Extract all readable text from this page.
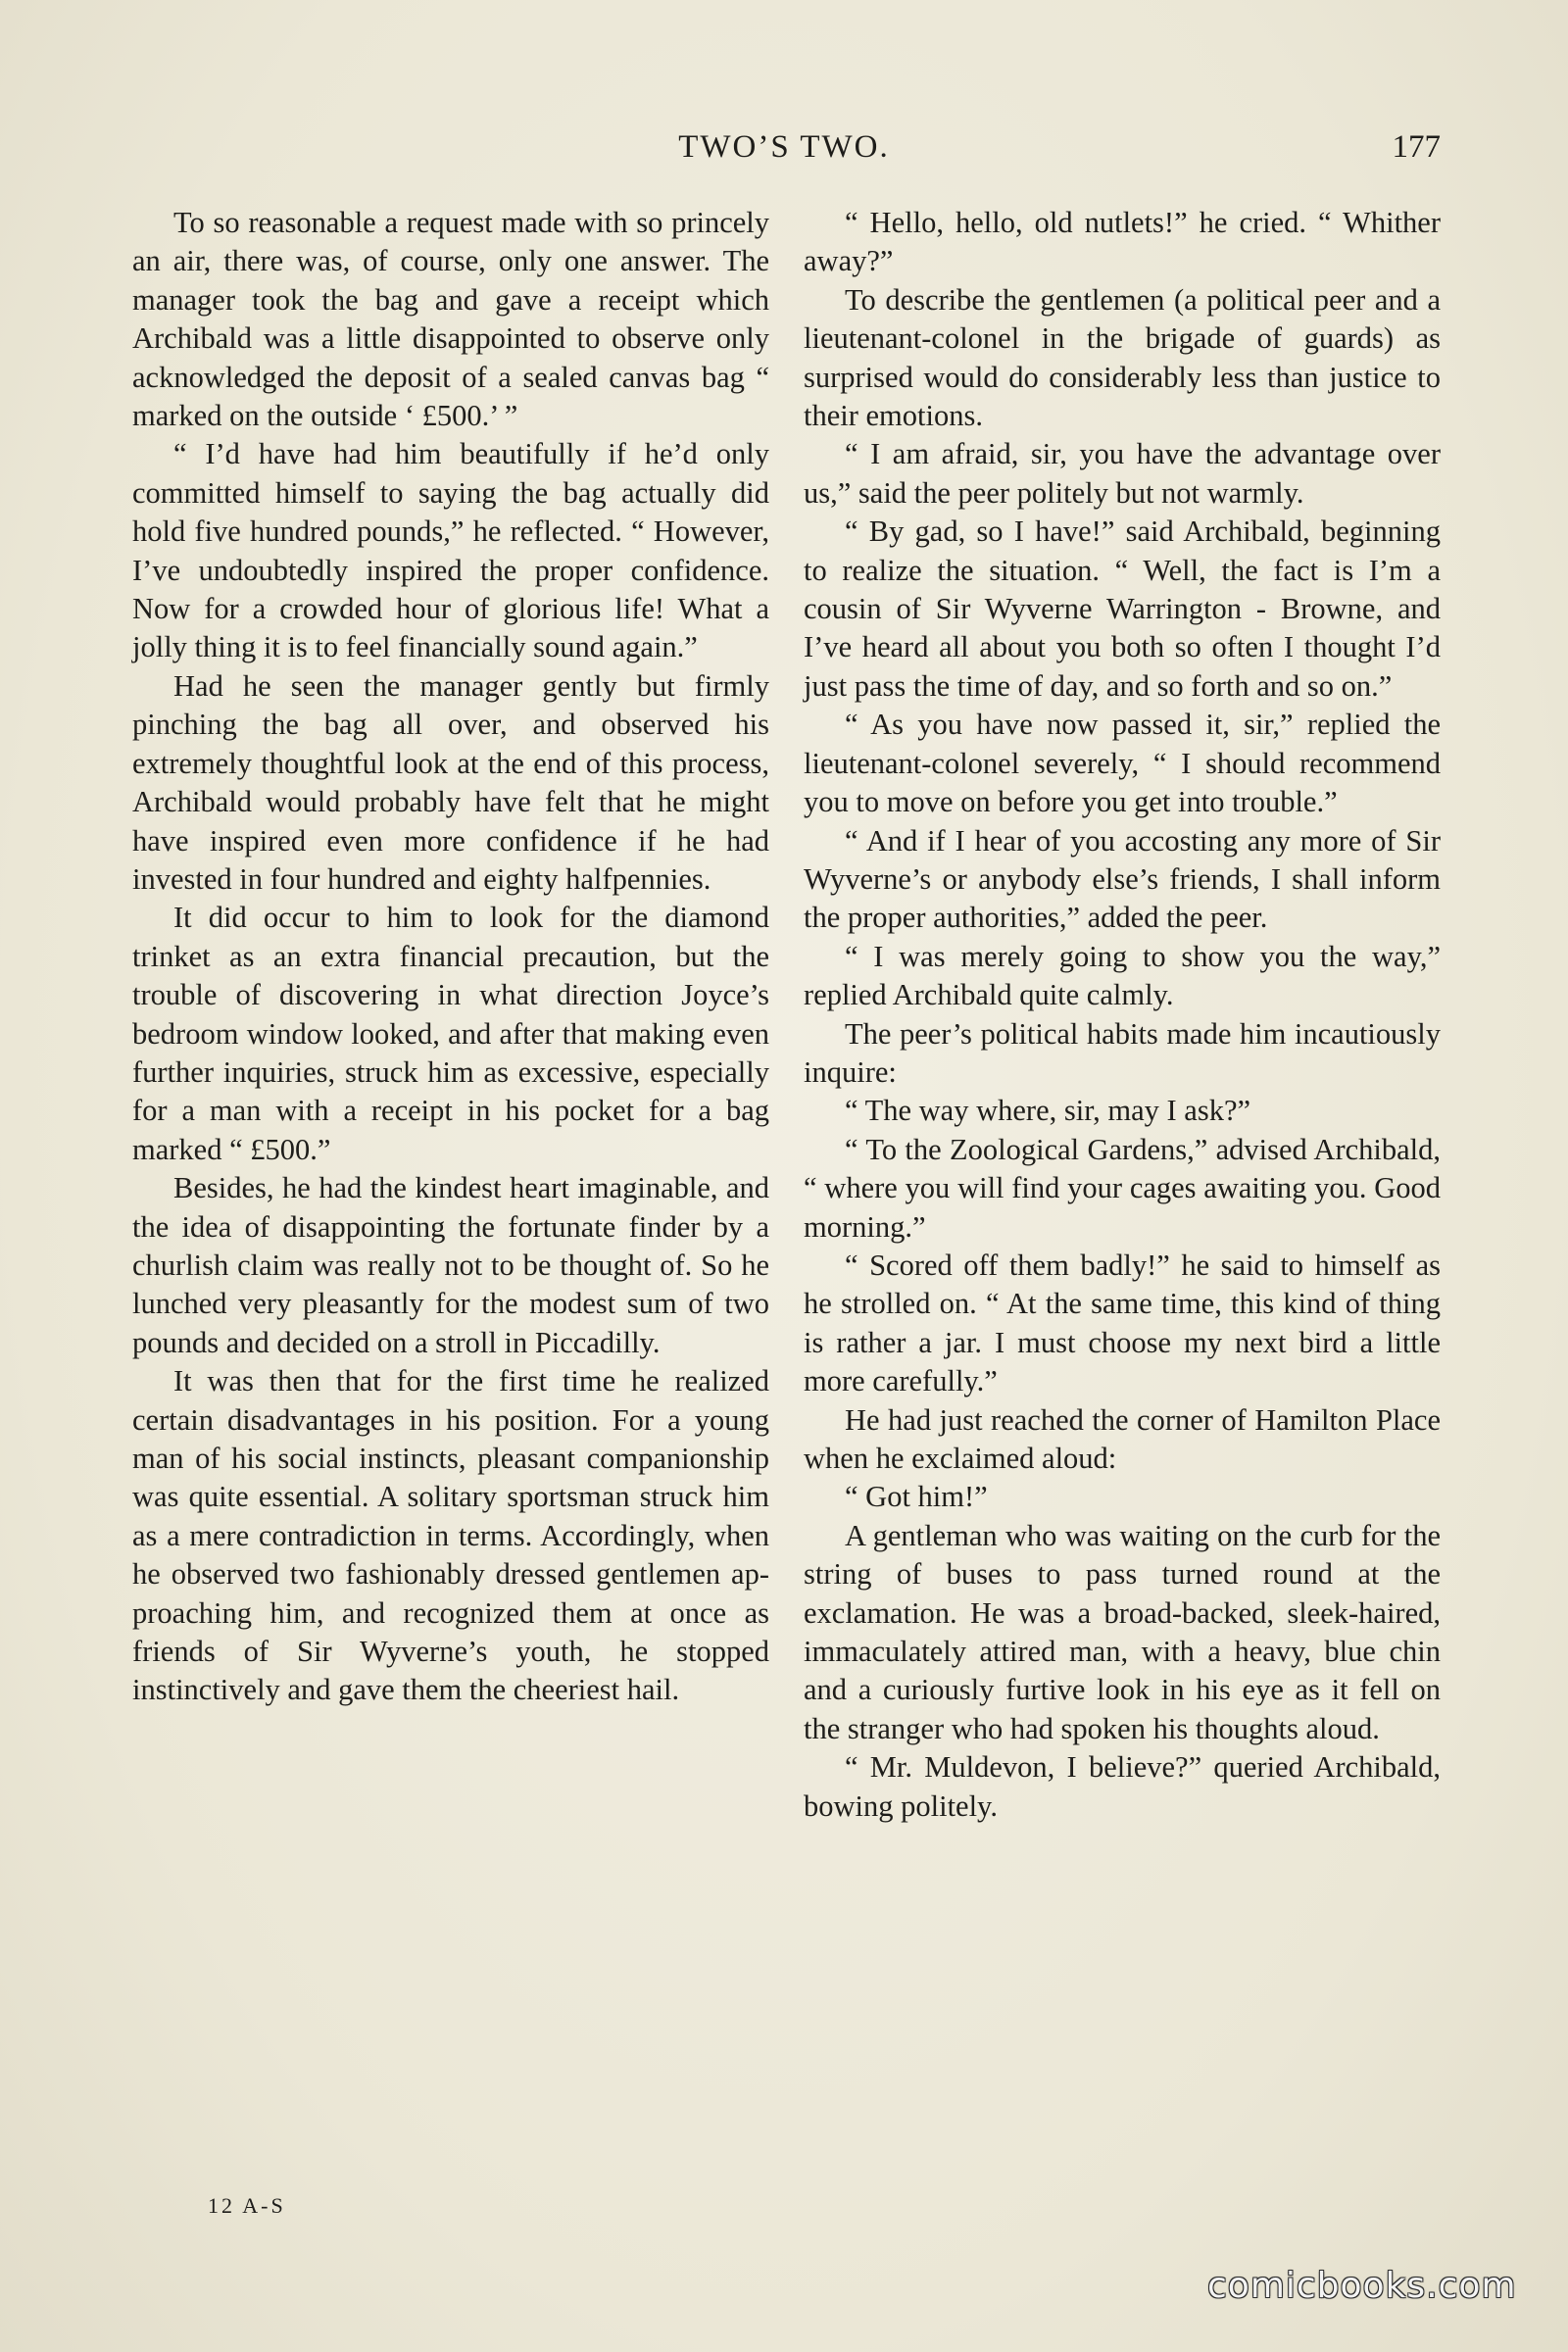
TWO’S TWO.	177

To so reasonable a request made with so princely an air, there was, of course, only one answer. The manager took the bag and gave a receipt which Archibald was a little disappointed to observe only acknowledged the deposit of a sealed canvas bag “ marked on the outside ‘ £500.’ ”

“ I’d have had him beautifully if he’d only committed himself to saying the bag actually did hold five hundred pounds,” he reflected. “ However, I’ve undoubtedly inspired the proper confidence. Now for a crowded hour of glorious life! What a jolly thing it is to feel financially sound again.”

Had he seen the manager gently but firmly pinching the bag all over, and observed his extremely thoughtful look at the end of this process, Archibald would probably have felt that he might have inspired even more confidence if he had invested in four hundred and eighty halfpennies.

It did occur to him to look for the diamond trinket as an extra financial precaution, but the trouble of discovering in what direction Joyce’s bedroom window looked, and after that making even further inquiries, struck him as excessive, especially for a man with a receipt in his pocket for a bag marked “ £500.”

Besides, he had the kindest heart imaginable, and the idea of disappointing the fortunate finder by a churlish claim was really not to be thought of. So he lunched very pleasantly for the modest sum of two pounds and decided on a stroll in Piccadilly.

It was then that for the first time he realized certain disadvantages in his position. For a young man of his social instincts, pleasant companionship was quite essential. A solitary sportsman struck him as a mere contradiction in terms. Accordingly, when he observed two fashionably dressed gentlemen approaching him, and recognized them at once as friends of Sir Wyverne’s youth, he stopped instinctively and gave them the cheeriest hail.

“ Hello, hello, old nutlets!” he cried. “ Whither away?”

To describe the gentlemen (a political peer and a lieutenant-colonel in the brigade of guards) as surprised would do considerably less than justice to their emotions.

“ I am afraid, sir, you have the advantage over us,” said the peer politely but not warmly.

“ By gad, so I have!” said Archibald, beginning to realize the situation. “ Well, the fact is I’m a cousin of Sir Wyverne Warrington - Browne, and I’ve heard all about you both so often I thought I’d just pass the time of day, and so forth and so on.”

“ As you have now passed it, sir,” replied the lieutenant-colonel severely, “ I should recommend you to move on before you get into trouble.”

“ And if I hear of you accosting any more of Sir Wyverne’s or anybody else’s friends, I shall inform the proper authorities,” added the peer.

“ I was merely going to show you the way,” replied Archibald quite calmly.

The peer’s political habits made him incautiously inquire:

“ The way where, sir, may I ask?”

“ To the Zoological Gardens,” advised Archibald, “ where you will find your cages awaiting you. Good morning.”

“ Scored off them badly!” he said to himself as he strolled on. “ At the same time, this kind of thing is rather a jar. I must choose my next bird a little more carefully.”

He had just reached the corner of Hamilton Place when he exclaimed aloud:

“ Got him!”

A gentleman who was waiting on the curb for the string of buses to pass turned round at the exclamation. He was a broad-backed, sleek-haired, immaculately attired man, with a heavy, blue chin and a curiously furtive look in his eye as it fell on the stranger who had spoken his thoughts aloud.

“ Mr. Muldevon, I believe?” queried Archibald, bowing politely.

12 A-S
comicbooks.com
